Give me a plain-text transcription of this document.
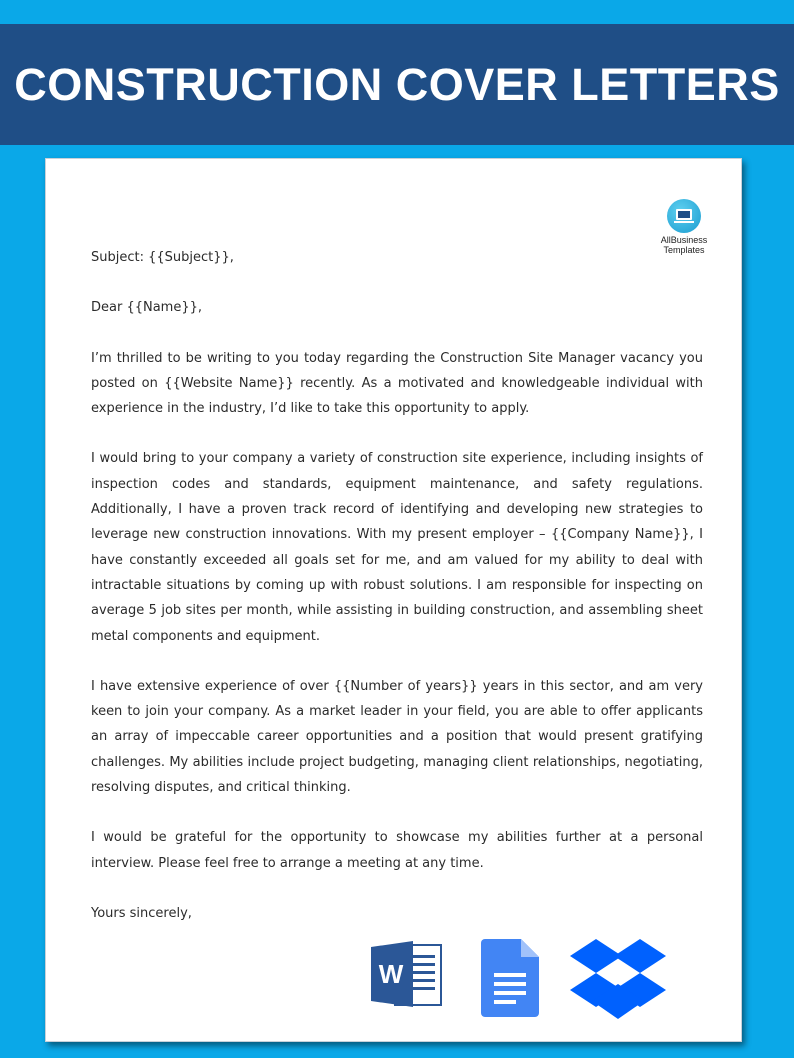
CONSTRUCTION COVER LETTERS
AllBusiness
Templates

Subject: {{Subject}},

Dear {{Name}},

I’m thrilled to be writing to you today regarding the Construction Site Manager vacancy you posted on {{Website Name}} recently. As a motivated and knowledgeable individual with experience in the industry, I’d like to take this opportunity to apply.

I would bring to your company a variety of construction site experience, including insights of inspection codes and standards, equipment maintenance, and safety regulations. Additionally, I have a proven track record of identifying and developing new strategies to leverage new construction innovations. With my present employer – {{Company Name}}, I have constantly exceeded all goals set for me, and am valued for my ability to deal with intractable situations by coming up with robust solutions. I am responsible for inspecting on average 5 job sites per month, while assisting in building construction, and assembling sheet metal components and equipment.

I have extensive experience of over {{Number of years}} years in this sector, and am very keen to join your company. As a market leader in your field, you are able to offer applicants an array of impeccable career opportunities and a position that would present gratifying challenges. My abilities include project budgeting, managing client relationships, negotiating, resolving disputes, and critical thinking.

I would be grateful for the opportunity to showcase my abilities further at a personal interview. Please feel free to arrange a meeting at any time.

Yours sincerely,

W
